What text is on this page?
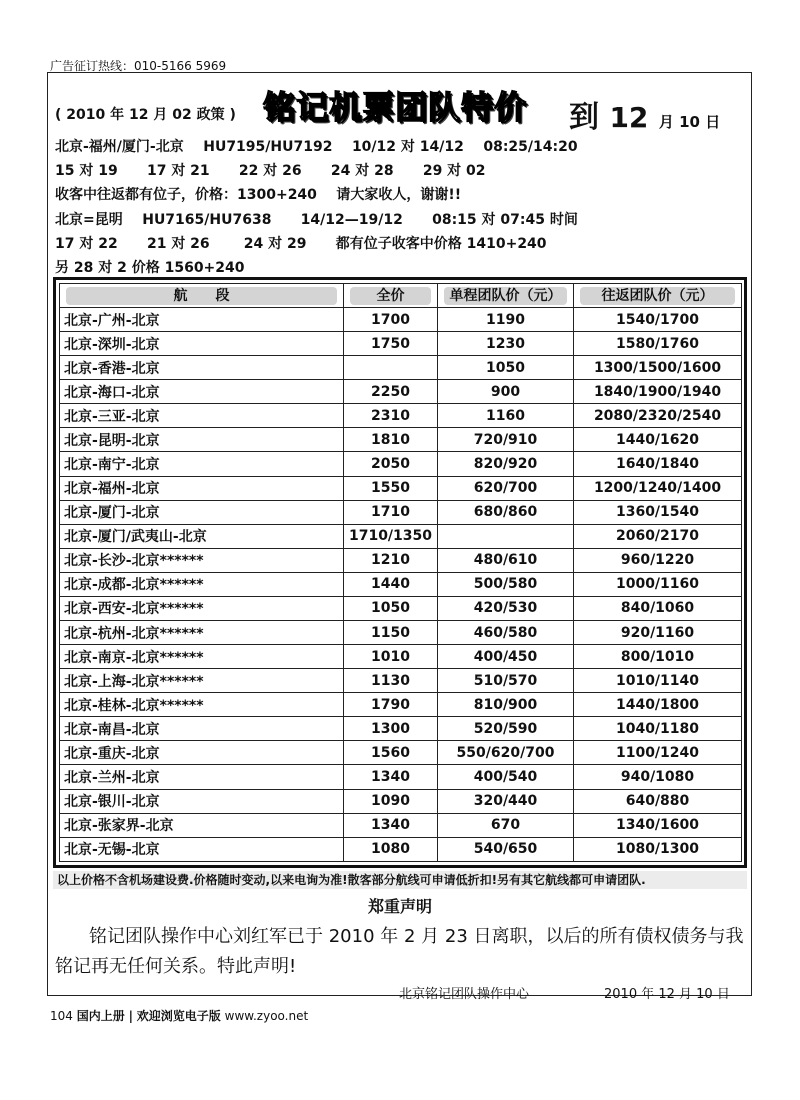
广告征订热线：010-5166 5969
( 2010 年 12 月 02 政策 ) 铭记机票团队特价 到 12 月 10 日
北京-福州/厦门-北京    HU7195/HU7192    10/12 对 14/12    08:25/14:20
15 对 19      17 对 21      22 对 26      24 对 28      29 对 02
收客中往返都有位子，价格：1300+240    请大家收人，谢谢!!
北京=昆明    HU7165/HU7638      14/12—19/12      08:15 对 07:45 时间
17 对 22      21 对 26       24 对 29      都有位子收客中价格 1410+240
另 28 对 2 价格 1560+240
航　　段	全价	单程团队价（元）	往返团队价（元）

北京-广州-北京	1700	1190	1540/1700
北京-深圳-北京	1750	1230	1580/1760
北京-香港-北京		1050	1300/1500/1600
北京-海口-北京	2250	900	1840/1900/1940
北京-三亚-北京	2310	1160	2080/2320/2540
北京-昆明-北京	1810	720/910	1440/1620
北京-南宁-北京	2050	820/920	1640/1840
北京-福州-北京	1550	620/700	1200/1240/1400
北京-厦门-北京	1710	680/860	1360/1540
北京-厦门/武夷山-北京	1710/1350		2060/2170
北京-长沙-北京******	1210	480/610	960/1220
北京-成都-北京******	1440	500/580	1000/1160
北京-西安-北京******	1050	420/530	840/1060
北京-杭州-北京******	1150	460/580	920/1160
北京-南京-北京******	1010	400/450	800/1010
北京-上海-北京******	1130	510/570	1010/1140
北京-桂林-北京******	1790	810/900	1440/1800
北京-南昌-北京	1300	520/590	1040/1180
北京-重庆-北京	1560	550/620/700	1100/1240
北京-兰州-北京	1340	400/540	940/1080
北京-银川-北京	1090	320/440	640/880
北京-张家界-北京	1340	670	1340/1600
北京-无锡-北京	1080	540/650	1080/1300
以上价格不含机场建设费.价格随时变动,以来电询为准!散客部分航线可申请低折扣!另有其它航线都可申请团队.
郑重声明
铭记团队操作中心刘红军已于 2010 年 2 月 23 日离职，以后的所有债权债务与我铭记再无任何关系。特此声明!
北京铭记团队操作中心	2010 年 12 月 10 日
104 国内上册 | 欢迎浏览电子版 www.zyoo.net
